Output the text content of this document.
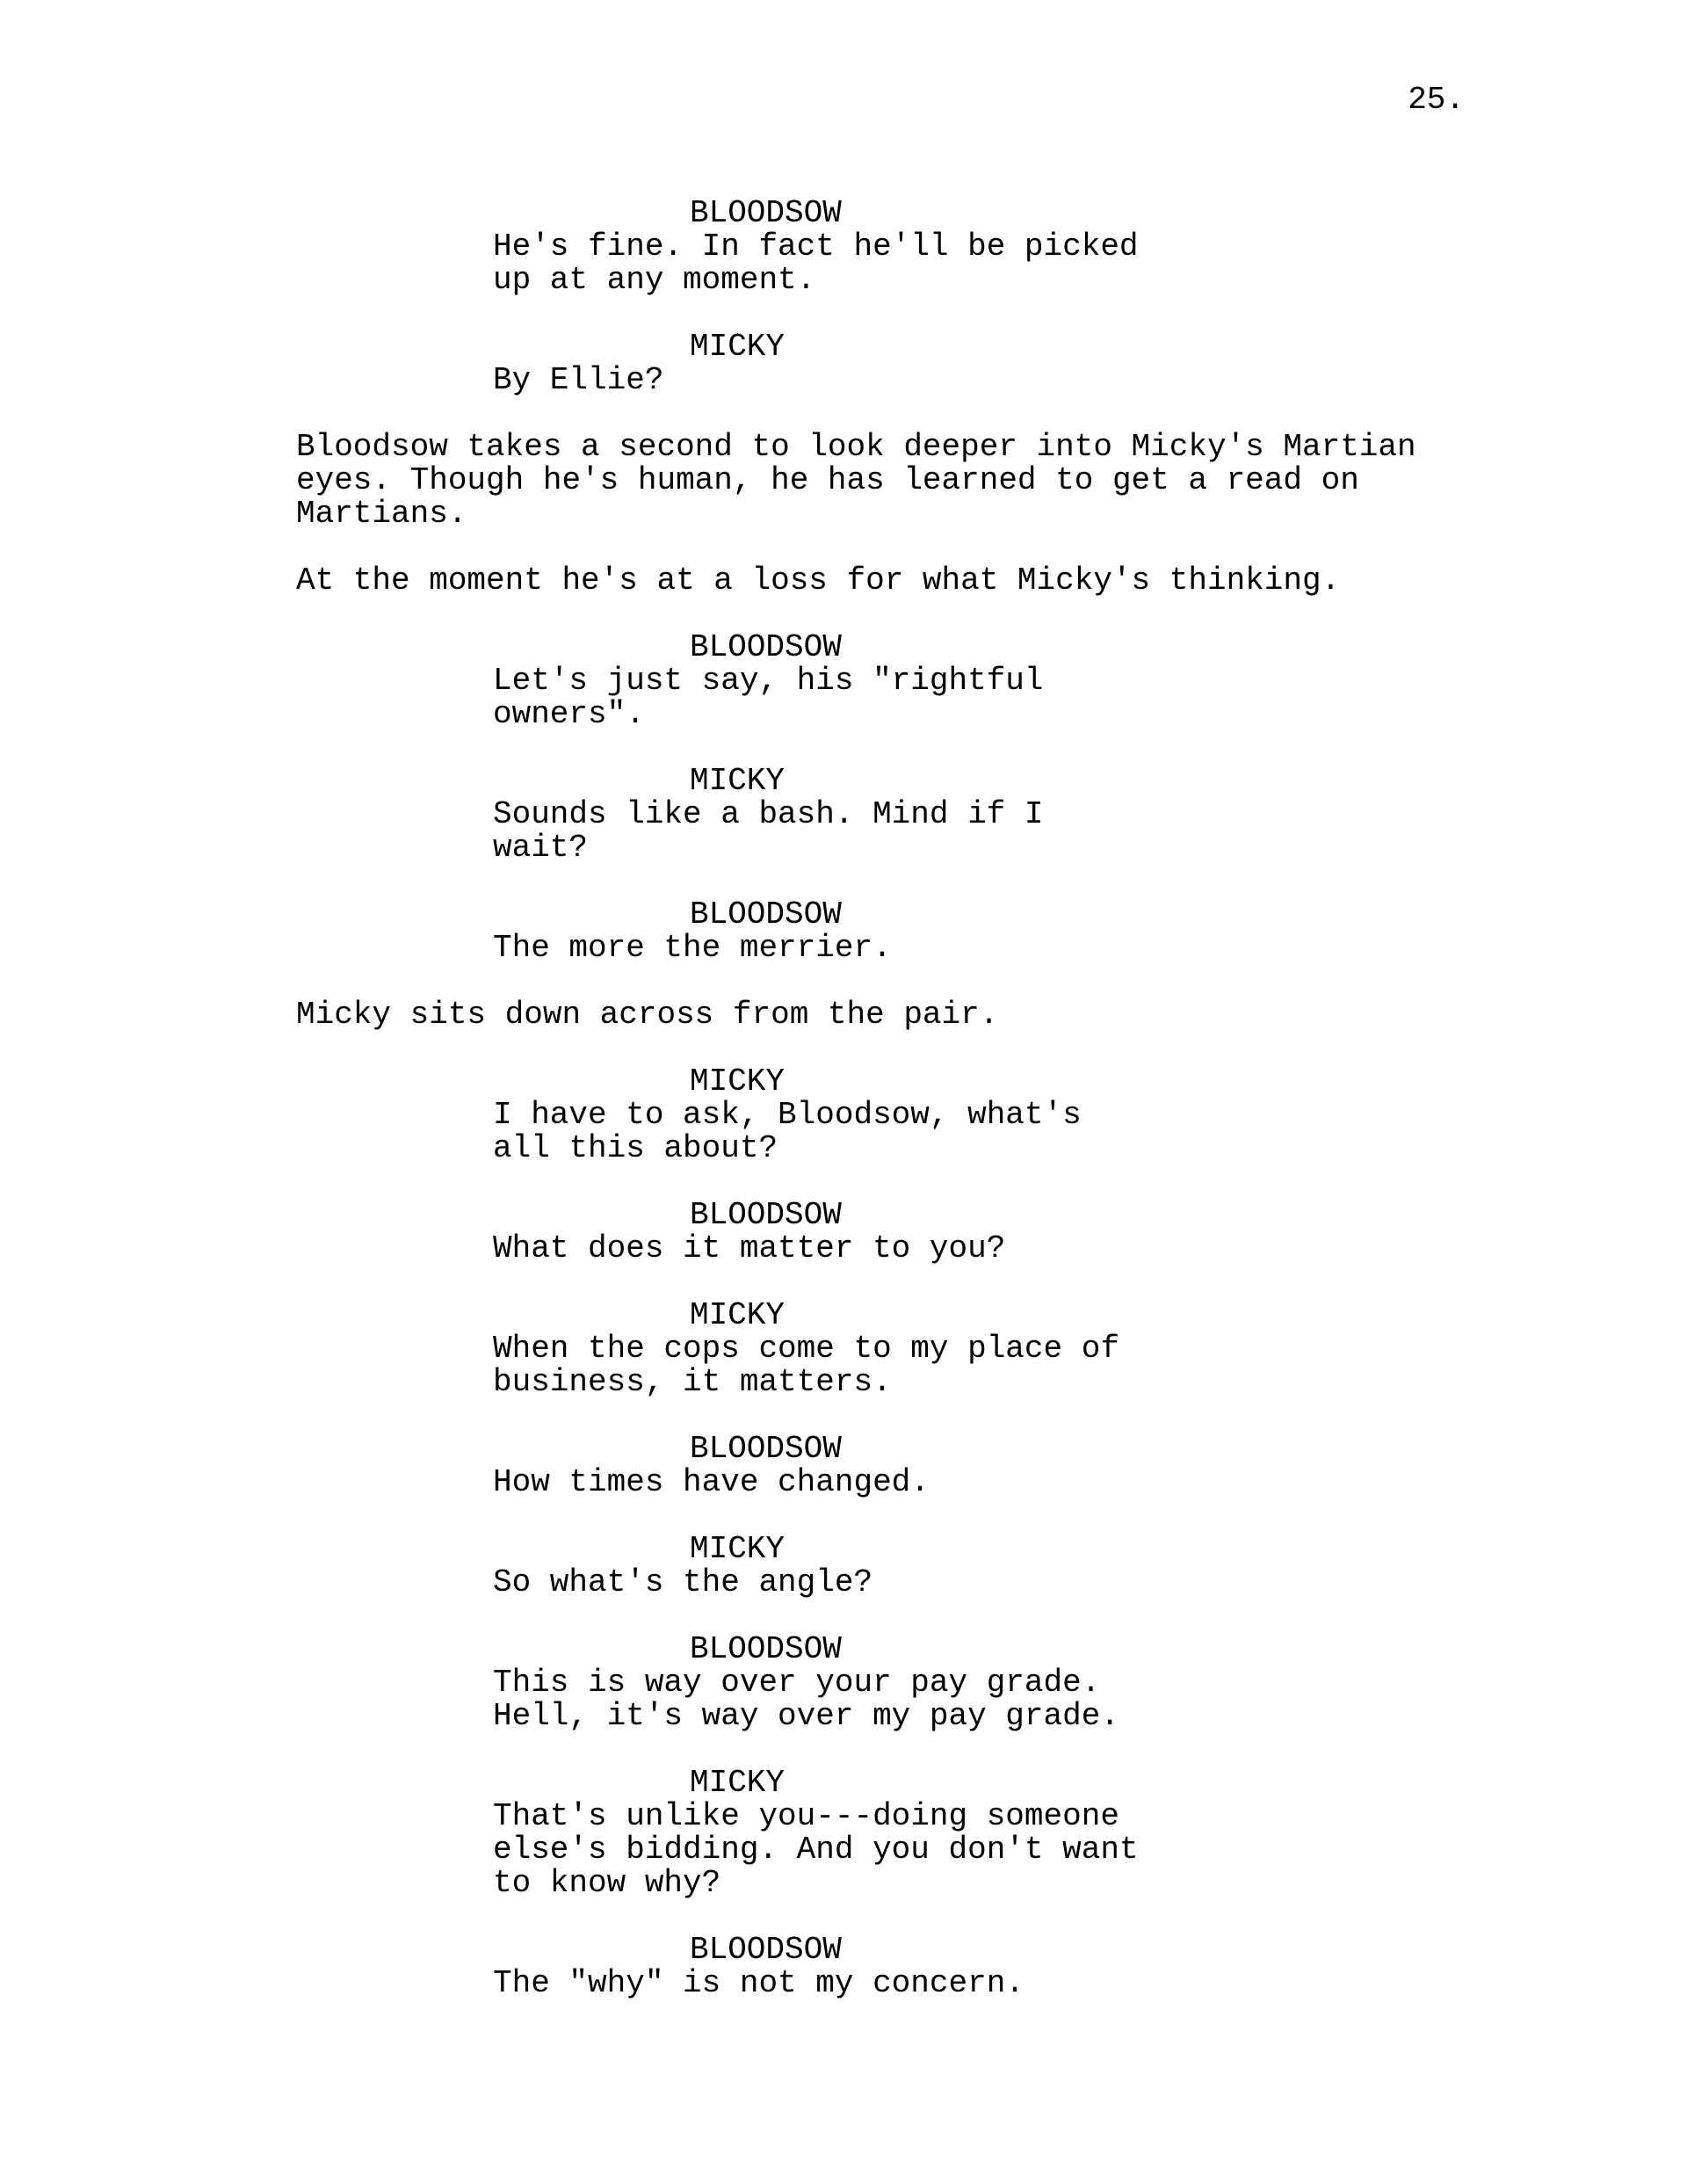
25.
BLOODSOW
He's fine. In fact he'll be picked
up at any moment.
MICKY
By Ellie?
Bloodsow takes a second to look deeper into Micky's Martian
eyes. Though he's human, he has learned to get a read on
Martians.
At the moment he's at a loss for what Micky's thinking.
BLOODSOW
Let's just say, his "rightful
owners".
MICKY
Sounds like a bash. Mind if I
wait?
BLOODSOW
The more the merrier.
Micky sits down across from the pair.
MICKY
I have to ask, Bloodsow, what's
all this about?
BLOODSOW
What does it matter to you?
MICKY
When the cops come to my place of
business, it matters.
BLOODSOW
How times have changed.
MICKY
So what's the angle?
BLOODSOW
This is way over your pay grade.
Hell, it's way over my pay grade.
MICKY
That's unlike you---doing someone
else's bidding. And you don't want
to know why?
BLOODSOW
The "why" is not my concern.
